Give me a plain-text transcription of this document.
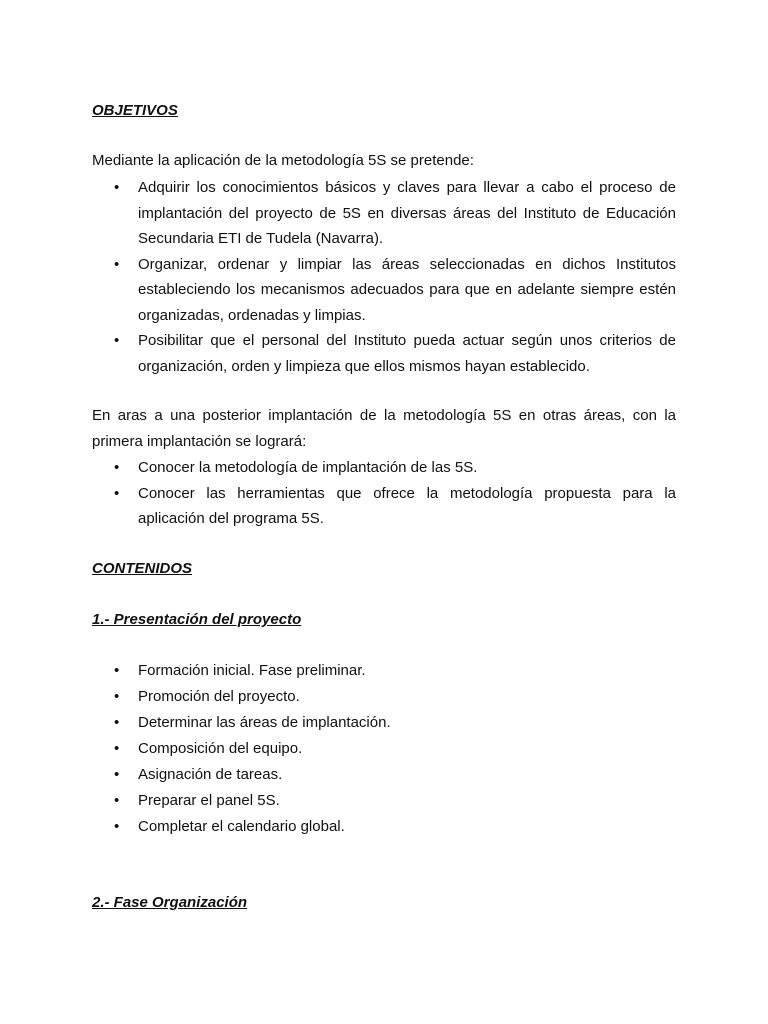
OBJETIVOS
Mediante la aplicación de la metodología 5S se pretende:
• Adquirir los conocimientos básicos y claves para llevar a cabo el proceso de implantación del proyecto de 5S en diversas áreas del Instituto de Educación Secundaria ETI de Tudela (Navarra).
• Organizar, ordenar y limpiar las áreas seleccionadas en dichos Institutos estableciendo los mecanismos adecuados para que en adelante siempre estén organizadas, ordenadas y limpias.
• Posibilitar que el personal del Instituto pueda actuar según unos criterios de organización, orden y limpieza que ellos mismos hayan establecido.
En aras a una posterior implantación de la metodología 5S en otras áreas, con la primera implantación se logrará:
• Conocer la metodología de implantación de las 5S.
• Conocer las herramientas que ofrece la metodología propuesta para la aplicación del programa 5S.
CONTENIDOS
1.- Presentación del proyecto
• Formación inicial. Fase preliminar.
• Promoción del proyecto.
• Determinar las áreas de implantación.
• Composición del equipo.
• Asignación de tareas.
• Preparar el panel 5S.
• Completar el calendario global.
2.- Fase Organización
